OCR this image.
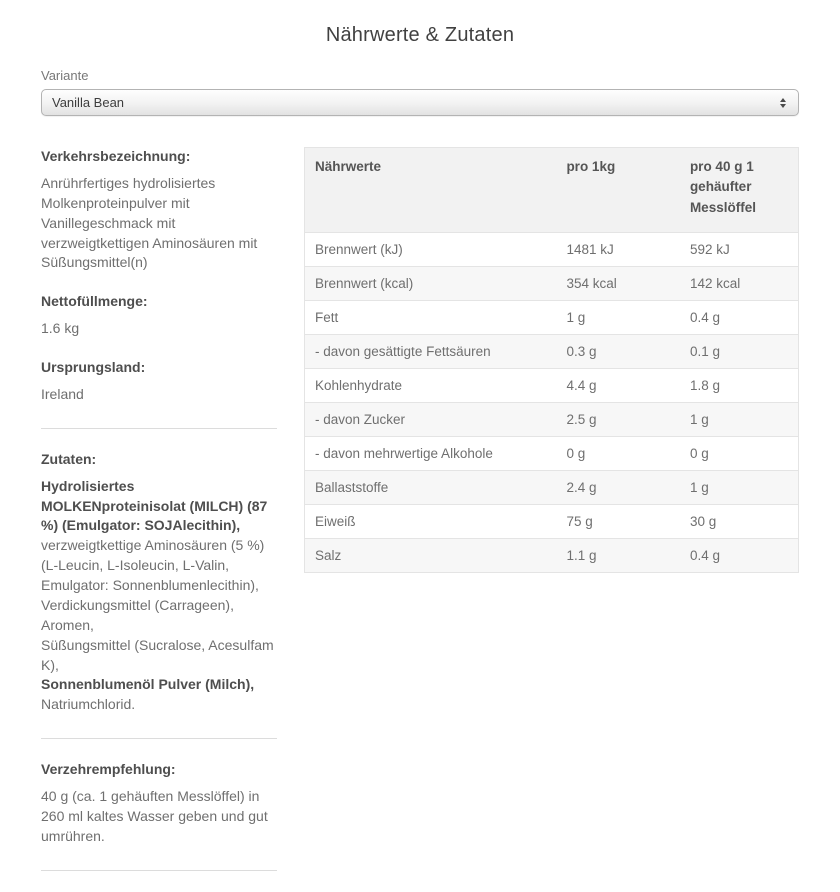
Nährwerte & Zutaten
Variante
Vanilla Bean
Verkehrsbezeichnung:

Anrührfertiges hydrolisiertes Molkenproteinpulver mit Vanillegeschmack mit verzweigtkettigen Aminosäuren mit Süßungsmittel(n)

Nettofüllmenge:

1.6 kg

Ursprungsland:

Ireland

Zutaten:

Hydrolisiertes MOLKENproteinisolat (MILCH) (87 %) (Emulgator: SOJAlecithin),
verzweigtkettige Aminosäuren (5 %) (L-Leucin, L-Isoleucin, L-Valin, Emulgator: Sonnenblumenlecithin),
Verdickungsmittel (Carrageen),
Aromen,
Süßungsmittel (Sucralose, Acesulfam K),
Sonnenblumenöl Pulver (Milch),
Natriumchlorid.

Verzehrempfehlung:

40 g (ca. 1 gehäuften Messlöffel) in 260 ml kaltes Wasser geben und gut umrühren.

Nährwerte	pro 1kg	pro 40 g 1 gehäufter Messlöffel
Brennwert (kJ)	1481 kJ	592 kJ
Brennwert (kcal)	354 kcal	142 kcal
Fett	1 g	0.4 g
- davon gesättigte Fettsäuren	0.3 g	0.1 g
Kohlenhydrate	4.4 g	1.8 g
- davon Zucker	2.5 g	1 g
- davon mehrwertige Alkohole	0 g	0 g
Ballaststoffe	2.4 g	1 g
Eiweiß	75 g	30 g
Salz	1.1 g	0.4 g
